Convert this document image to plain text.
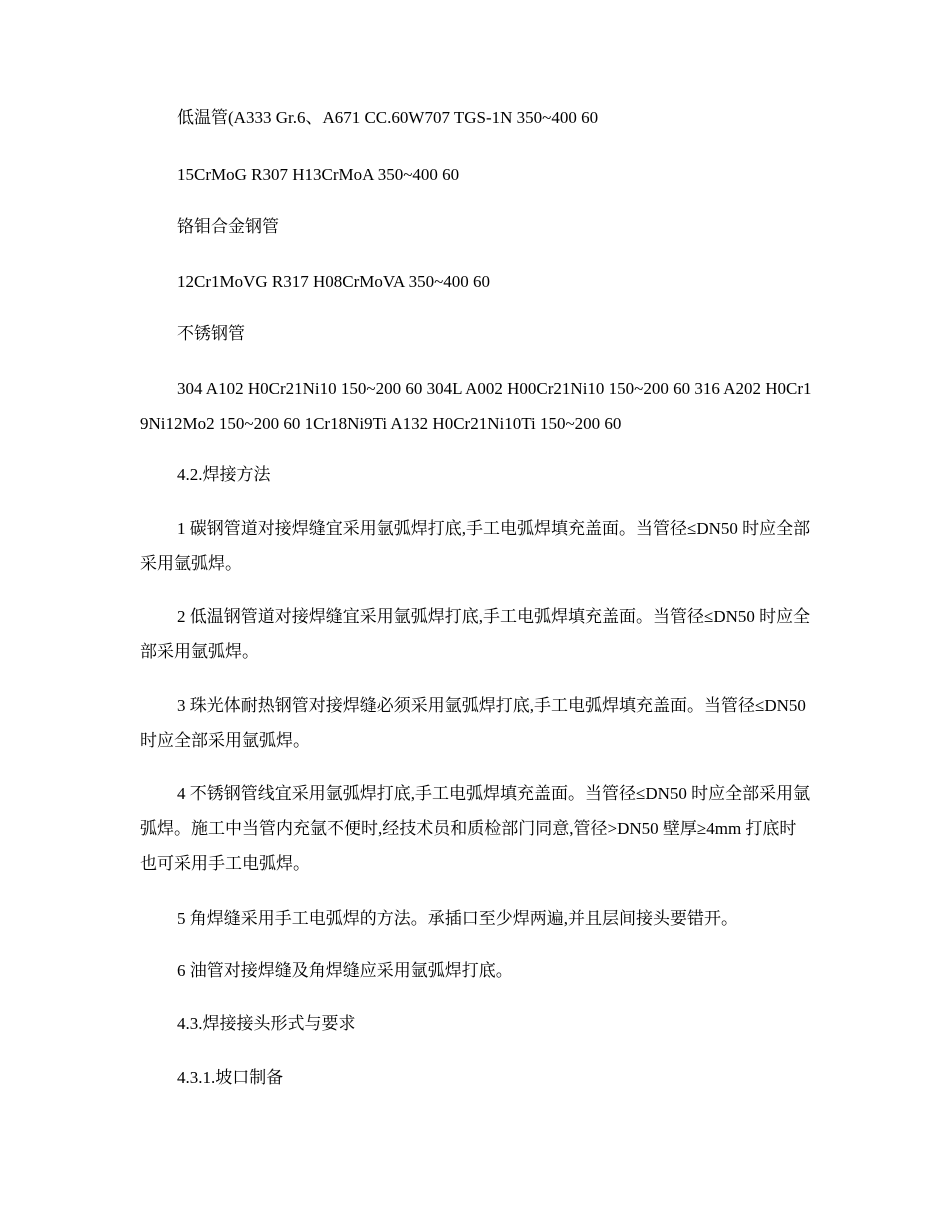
低温管(A333 Gr.6、A671 CC.60W707 TGS-1N 350~400 60

15CrMoG R307 H13CrMoA 350~400 60

铬钼合金钢管

12Cr1MoVG R317 H08CrMoVA 350~400 60

不锈钢管

304 A102 H0Cr21Ni10 150~200 60 304L A002 H00Cr21Ni10 150~200 60 316 A202 H0Cr19Ni12Mo2 150~200 60 1Cr18Ni9Ti A132 H0Cr21Ni10Ti 150~200 60

4.2.焊接方法

1 碳钢管道对接焊缝宜采用氩弧焊打底,手工电弧焊填充盖面。当管径≤DN50 时应全部采用氩弧焊。

2 低温钢管道对接焊缝宜采用氩弧焊打底,手工电弧焊填充盖面。当管径≤DN50 时应全部采用氩弧焊。

3 珠光体耐热钢管对接焊缝必须采用氩弧焊打底,手工电弧焊填充盖面。当管径≤DN50 时应全部采用氩弧焊。

4 不锈钢管线宜采用氩弧焊打底,手工电弧焊填充盖面。当管径≤DN50 时应全部采用氩弧焊。施工中当管内充氩不便时,经技术员和质检部门同意,管径>DN50 壁厚≥4mm 打底时也可采用手工电弧焊。

5 角焊缝采用手工电弧焊的方法。承插口至少焊两遍,并且层间接头要错开。

6 油管对接焊缝及角焊缝应采用氩弧焊打底。

4.3.焊接接头形式与要求

4.3.1.坡口制备
